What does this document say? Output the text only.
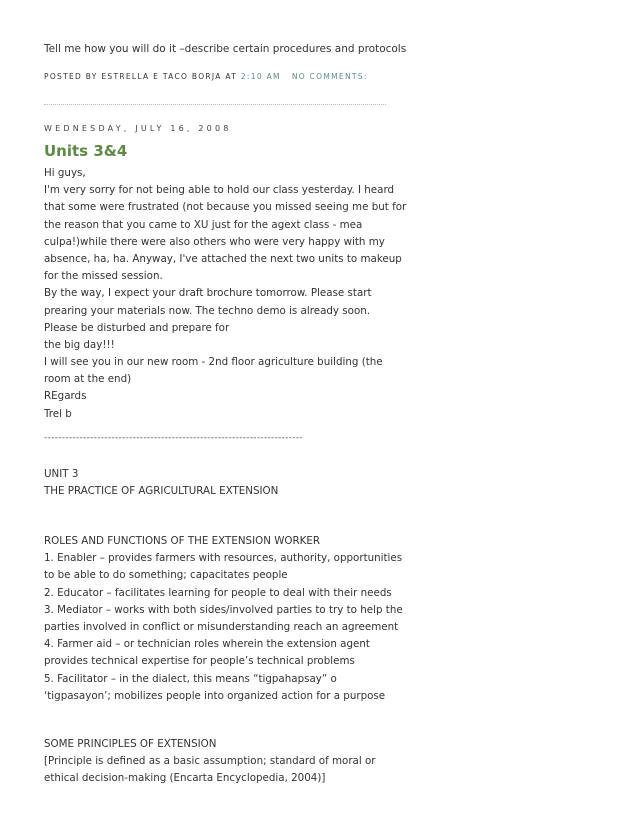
Tell me how you will do it –describe certain procedures and protocols
POSTED BY ESTRELLA E TACO BORJA AT 2:10 AM NO COMMENTS:
WEDNESDAY, JULY 16, 2008
Units 3&4
Hi guys,
I'm very sorry for not being able to hold our class yesterday. I heard
that some were frustrated (not because you missed seeing me but for
the reason that you came to XU just for the agext class - mea
culpa!)while there were also others who were very happy with my
absence, ha, ha. Anyway, I've attached the next two units to makeup
for the missed session.
By the way, I expect your draft brochure tomorrow. Please start
prearing your materials now. The techno demo is already soon.
Please be disturbed and prepare for
the big day!!!
I will see you in our new room - 2nd floor agriculture building (the
room at the end)
REgards
Trel b
-------------------------------------------------------------------------
UNIT 3
THE PRACTICE OF AGRICULTURAL EXTENSION
ROLES AND FUNCTIONS OF THE EXTENSION WORKER
1. Enabler – provides farmers with resources, authority, opportunities
to be able to do something; capacitates people
2. Educator – facilitates learning for people to deal with their needs
3. Mediator – works with both sides/involved parties to try to help the
parties involved in conflict or misunderstanding reach an agreement
4. Farmer aid – or technician roles wherein the extension agent
provides technical expertise for people’s technical problems
5. Facilitator – in the dialect, this means “tigpahapsay” o
‘tigpasayon’; mobilizes people into organized action for a purpose
SOME PRINCIPLES OF EXTENSION
[Principle is defined as a basic assumption; standard of moral or
ethical decision-making (Encarta Encyclopedia, 2004)]
